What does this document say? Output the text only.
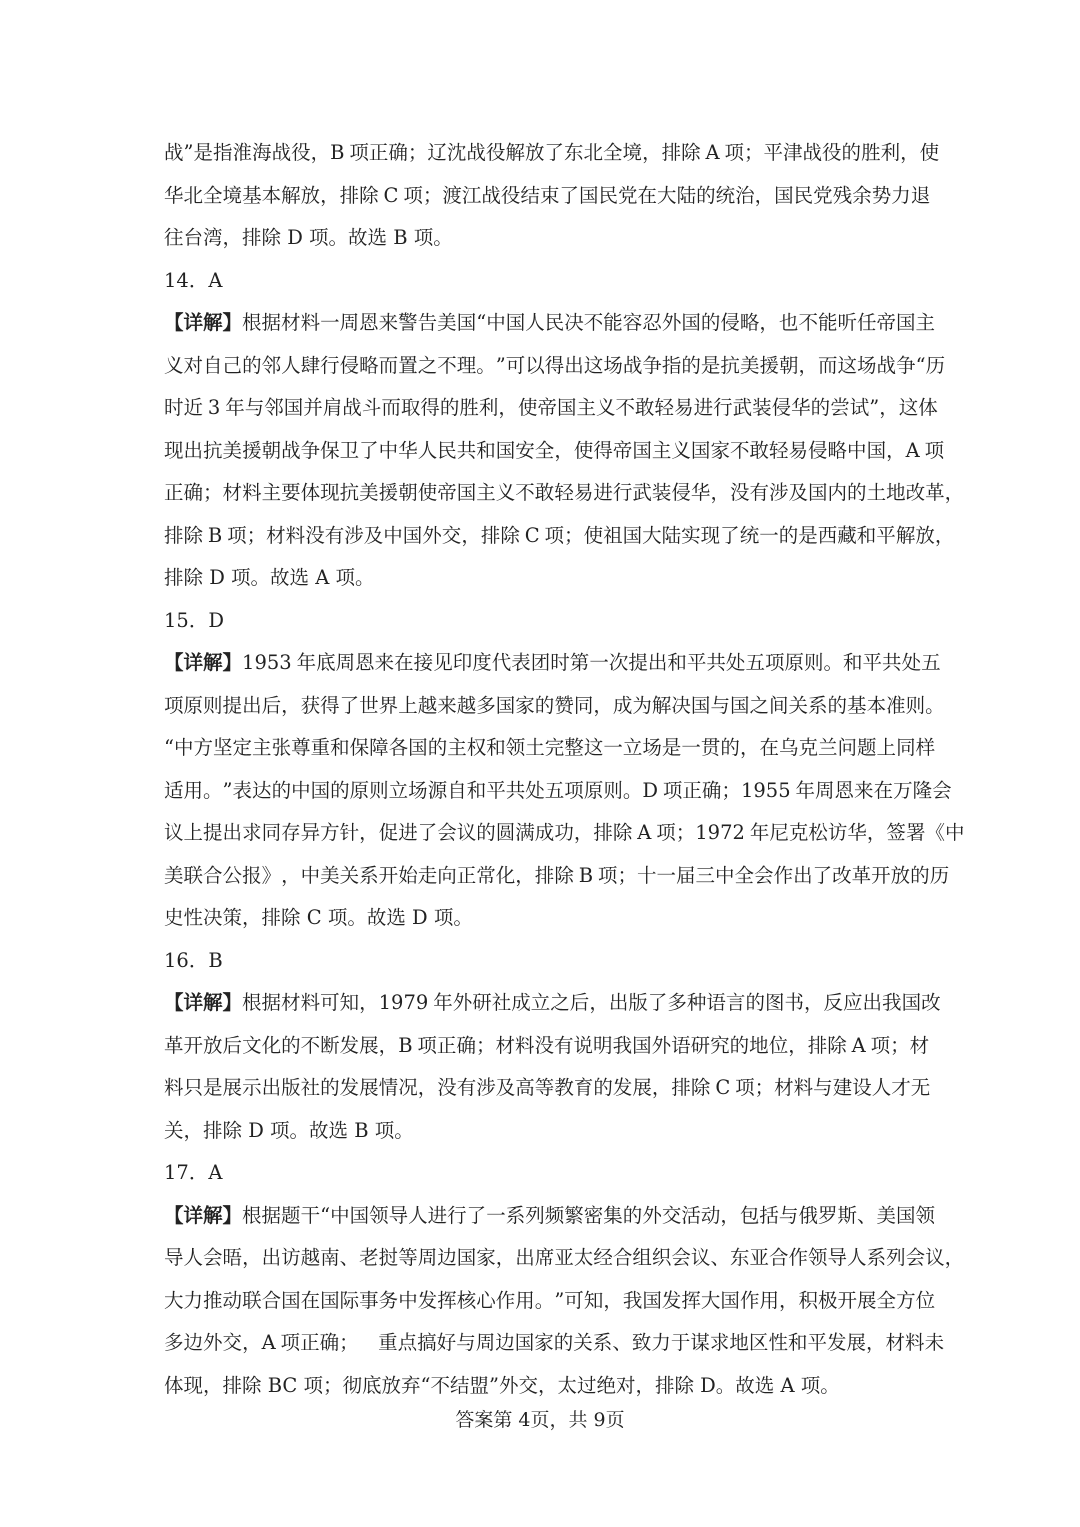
战 ” 是 指 淮 海 战 役 ， B
项 正 确 ； 辽 沈 战 役 解 放 了 东 北 全 境 ， 排 除
A
项 ； 平 津 战 役 的 胜 利 ， 使
华 北 全 境 基 本 解 放 ， 排 除
C
项 ； 渡 江 战 役 结 束 了 国 民 党 在 大 陆 的 统 治 ， 国 民 党 残 余 势 力 退
往台湾，排除 D 项。故选 B 项。
14．A
【详解】 根 据 材 料 一 周 恩 来 警 告 美 国 “ 中 国 人 民 决 不 能 容 忍 外 国 的 侵 略 ， 也 不 能 听 任 帝 国 主
义 对 自 己 的 邻 人 肆 行 侵 略 而 置 之 不 理 。 ” 可 以 得 出 这 场 战 争 指 的 是 抗 美 援 朝 ， 而 这 场 战 争 “ 历
时 近
3
年 与 邻 国 并 肩 战 斗 而 取 得 的 胜 利 ， 使 帝 国 主 义 不 敢 轻 易 进 行 武 装 侵 华 的 尝 试 ” ， 这 体
现 出 抗 美 援 朝 战 争 保 卫 了 中 华 人 民 共 和 国 安 全 ， 使 得 帝 国 主 义 国 家 不 敢 轻 易 侵 略 中 国 ， A
项
正 确 ； 材 料 主 要 体 现 抗 美 援 朝 使 帝 国 主 义 不 敢 轻 易 进 行 武 装 侵 华 ， 没 有 涉 及 国 内 的 土 地 改 革 ，
排 除
B
项 ； 材 料 没 有 涉 及 中 国 外 交 ， 排 除
C
项 ； 使 祖 国 大 陆 实 现 了 统 一 的 是 西 藏 和 平 解 放 ，
排除 D 项。故选 A 项。
15．D
【详解】 1 9 5 3
年 底 周 恩 来 在 接 见 印 度 代 表 团 时 第 一 次 提 出 和 平 共 处 五 项 原 则 。 和 平 共 处 五
项 原 则 提 出 后 ， 获 得 了 世 界 上 越 来 越 多 国 家 的 赞 同 ， 成 为 解 决 国 与 国 之 间 关 系 的 基 本 准 则 。
“ 中 方 坚 定 主 张 尊 重 和 保 障 各 国 的 主 权 和 领 土 完 整 这 一 立 场 是 一 贯 的 ， 在 乌 克 兰 问 题 上 同 样
适 用 。 ” 表 达 的 中 国 的 原 则 立 场 源 自 和 平 共 处 五 项 原 则 。 D
项 正 确 ； 1 9 5 5
年 周 恩 来 在 万 隆 会
议 上 提 出 求 同 存 异 方 针 ， 促 进 了 会 议 的 圆 满 成 功 ， 排 除
A
项 ； 1 9 7 2
年 尼 克 松 访 华 ， 签 署 《 中
美 联 合 公 报 》 ， 中 美 关 系 开 始 走 向 正 常 化 ， 排 除
B
项 ； 十 一 届 三 中 全 会 作 出 了 改 革 开 放 的 历
史性决策，排除 C 项。故选 D 项。
16．B
【详解】 根 据 材 料 可 知 ， 1 9 7 9
年 外 研 社 成 立 之 后 ， 出 版 了 多 种 语 言 的 图 书 ， 反 应 出 我 国 改
革 开 放 后 文 化 的 不 断 发 展 ， B
项 正 确 ； 材 料 没 有 说 明 我 国 外 语 研 究 的 地 位 ， 排 除
A
项 ； 材
料 只 是 展 示 出 版 社 的 发 展 情 况 ， 没 有 涉 及 高 等 教 育 的 发 展 ， 排 除
C
项 ； 材 料 与 建 设 人 才 无
关，排除 D 项。故选 B 项。
17．A
【详解】 根 据 题 干 “ 中 国 领 导 人 进 行 了 一 系 列 频 繁 密 集 的 外 交 活 动 ， 包 括 与 俄 罗 斯 、 美 国 领
导 人 会 晤 ， 出 访 越 南 、 老 挝 等 周 边 国 家 ， 出 席 亚 太 经 合 组 织 会 议 、 东 亚 合 作 领 导 人 系 列 会 议 ，
大 力 推 动 联 合 国 在 国 际 事 务 中 发 挥 核 心 作 用 。 ” 可 知 ， 我 国 发 挥 大 国 作 用 ， 积 极 开 展 全 方 位
多 边 外 交 ， A
项 正 确 ；
　 重 点 搞 好 与 周 边 国 家 的 关 系 、 致 力 于 谋 求 地 区 性 和 平 发 展 ， 材 料 未
体现，排除 BC 项；彻底放弃“不结盟”外交，太过绝对，排除 D。故选 A 项。
答案第 4页，共 9页
